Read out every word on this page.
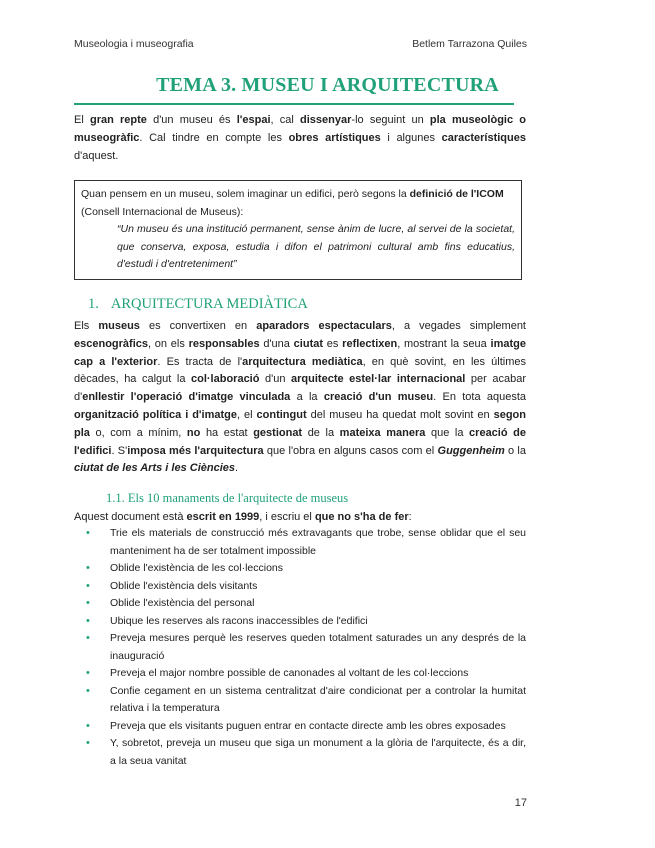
Museologia i museografia	Betlem Tarrazona Quiles
TEMA 3. MUSEU I ARQUITECTURA
El gran repte d'un museu és l'espai, cal dissenyar-lo seguint un pla museològic o museogràfic. Cal tindre en compte les obres artístiques i algunes característiques d'aquest.
Quan pensem en un museu, solem imaginar un edifici, però segons la definició de l'ICOM (Consell Internacional de Museus):
“Un museu és una institució permanent, sense ànim de lucre, al servei de la societat, que conserva, exposa, estudia i difon el patrimoni cultural amb fins educatius, d'estudi i d'entreteniment”
1. ARQUITECTURA MEDIÀTICA
Els museus es convertixen en aparadors espectaculars, a vegades simplement escenogràfics, on els responsables d'una ciutat es reflectixen, mostrant la seua imatge cap a l'exterior. Es tracta de l'arquitectura mediàtica, en què sovint, en les últimes dècades, ha calgut la col·laboració d'un arquitecte estel·lar internacional per acabar d'enllestir l'operació d'imatge vinculada a la creació d'un museu. En tota aquesta organització política i d'imatge, el contingut del museu ha quedat molt sovint en segon pla o, com a mínim, no ha estat gestionat de la mateixa manera que la creació de l'edifici. S'imposa més l'arquitectura que l'obra en alguns casos com el Guggenheim o la ciutat de les Arts i les Ciències.
1.1. Els 10 manaments de l'arquitecte de museus
Aquest document està escrit en 1999, i escriu el que no s'ha de fer:
• Trie els materials de construcció més extravagants que trobe, sense oblidar que el seu manteniment ha de ser totalment impossible
• Oblide l'existència de les col·leccions
• Oblide l'existència dels visitants
• Oblide l'existència del personal
• Ubique les reserves als racons inaccessibles de l'edifici
• Preveja mesures perquè les reserves queden totalment saturades un any després de la inauguració
• Preveja el major nombre possible de canonades al voltant de les col·leccions
• Confie cegament en un sistema centralitzat d'aire condicionat per a controlar la humitat relativa i la temperatura
• Preveja que els visitants puguen entrar en contacte directe amb les obres exposades
• Y, sobretot, preveja un museu que siga un monument a la glòria de l'arquitecte, és a dir, a la seua vanitat
17
